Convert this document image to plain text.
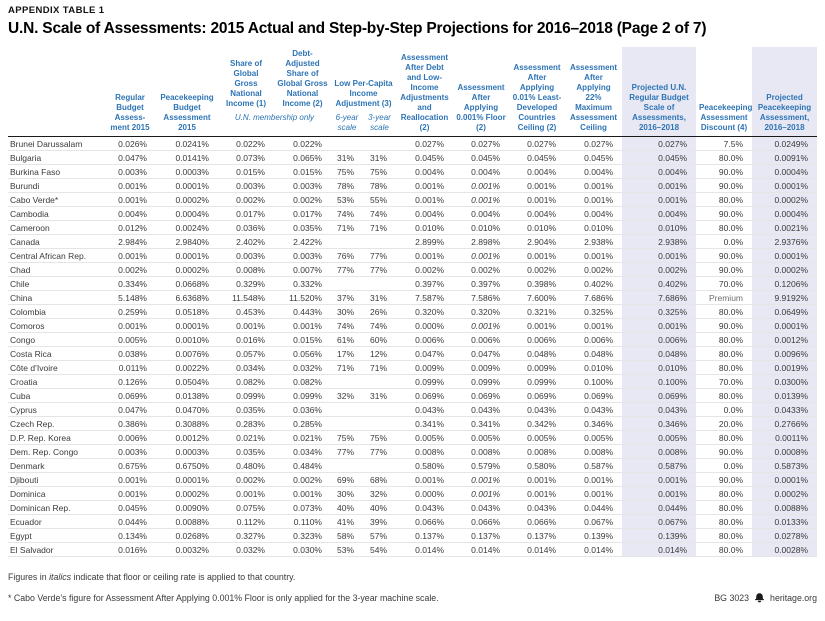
APPENDIX TABLE 1
U.N. Scale of Assessments: 2015 Actual and Step-by-Step Projections for 2016–2018 (Page 2 of 7)
	Regular Budget Assess-ment 2015	Peacekeeping Budget Assessment 2015	Share of Global Gross National Income (1)	Debt-Adjusted Share of Global Gross National Income (2)	Low Per-Capita Income Adjustment (3)		Assessment After Debt and Low-Income Adjustments and Reallocation (2)	Assessment After Applying 0.001% Floor (2)	Assessment After Applying 0.01% Least-Developed Countries Ceiling (2)	Assessment After Applying 22% Maximum Assessment Ceiling	Projected U.N. Regular Budget Scale of Assessments, 2016–2018	Peacekeeping Assessment Discount (4)	Projected Peacekeeping Assessment, 2016–2018
			U.N. membership only		6-year scale	3-year scale							
Brunei Darussalam	0.026%	0.0241%	0.022%	0.022%			0.027%	0.027%	0.027%	0.027%	0.027%	7.5%	0.0249%
Bulgaria	0.047%	0.0141%	0.073%	0.065%	31%	31%	0.045%	0.045%	0.045%	0.045%	0.045%	80.0%	0.0091%
Burkina Faso	0.003%	0.0003%	0.015%	0.015%	75%	75%	0.004%	0.004%	0.004%	0.004%	0.004%	90.0%	0.0004%
Burundi	0.001%	0.0001%	0.003%	0.003%	78%	78%	0.001%	0.001%	0.001%	0.001%	0.001%	90.0%	0.0001%
Cabo Verde*	0.001%	0.0002%	0.002%	0.002%	53%	55%	0.001%	0.001%	0.001%	0.001%	0.001%	80.0%	0.0002%
Cambodia	0.004%	0.0004%	0.017%	0.017%	74%	74%	0.004%	0.004%	0.004%	0.004%	0.004%	90.0%	0.0004%
Cameroon	0.012%	0.0024%	0.036%	0.035%	71%	71%	0.010%	0.010%	0.010%	0.010%	0.010%	80.0%	0.0021%
Canada	2.984%	2.9840%	2.402%	2.422%			2.899%	2.898%	2.904%	2.938%	2.938%	0.0%	2.9376%
Central African Rep.	0.001%	0.0001%	0.003%	0.003%	76%	77%	0.001%	0.001%	0.001%	0.001%	0.001%	90.0%	0.0001%
Chad	0.002%	0.0002%	0.008%	0.007%	77%	77%	0.002%	0.002%	0.002%	0.002%	0.002%	90.0%	0.0002%
Chile	0.334%	0.0668%	0.329%	0.332%			0.397%	0.397%	0.398%	0.402%	0.402%	70.0%	0.1206%
China	5.148%	6.6368%	11.548%	11.520%	37%	31%	7.587%	7.586%	7.600%	7.686%	7.686%	Premium	9.9192%
Colombia	0.259%	0.0518%	0.453%	0.443%	30%	26%	0.320%	0.320%	0.321%	0.325%	0.325%	80.0%	0.0649%
Comoros	0.001%	0.0001%	0.001%	0.001%	74%	74%	0.000%	0.001%	0.001%	0.001%	0.001%	90.0%	0.0001%
Congo	0.005%	0.0010%	0.016%	0.015%	61%	60%	0.006%	0.006%	0.006%	0.006%	0.006%	80.0%	0.0012%
Costa Rica	0.038%	0.0076%	0.057%	0.056%	17%	12%	0.047%	0.047%	0.048%	0.048%	0.048%	80.0%	0.0096%
Côte d’Ivoire	0.011%	0.0022%	0.034%	0.032%	71%	71%	0.009%	0.009%	0.009%	0.010%	0.010%	80.0%	0.0019%
Croatia	0.126%	0.0504%	0.082%	0.082%			0.099%	0.099%	0.099%	0.100%	0.100%	70.0%	0.0300%
Cuba	0.069%	0.0138%	0.099%	0.099%	32%	31%	0.069%	0.069%	0.069%	0.069%	0.069%	80.0%	0.0139%
Cyprus	0.047%	0.0470%	0.035%	0.036%			0.043%	0.043%	0.043%	0.043%	0.043%	0.0%	0.0433%
Czech Rep.	0.386%	0.3088%	0.283%	0.285%			0.341%	0.341%	0.342%	0.346%	0.346%	20.0%	0.2766%
D.P. Rep. Korea	0.006%	0.0012%	0.021%	0.021%	75%	75%	0.005%	0.005%	0.005%	0.005%	0.005%	80.0%	0.0011%
Dem. Rep. Congo	0.003%	0.0003%	0.035%	0.034%	77%	77%	0.008%	0.008%	0.008%	0.008%	0.008%	90.0%	0.0008%
Denmark	0.675%	0.6750%	0.480%	0.484%			0.580%	0.579%	0.580%	0.587%	0.587%	0.0%	0.5873%
Djibouti	0.001%	0.0001%	0.002%	0.002%	69%	68%	0.001%	0.001%	0.001%	0.001%	0.001%	90.0%	0.0001%
Dominica	0.001%	0.0002%	0.001%	0.001%	30%	32%	0.000%	0.001%	0.001%	0.001%	0.001%	80.0%	0.0002%
Dominican Rep.	0.045%	0.0090%	0.075%	0.073%	40%	40%	0.043%	0.043%	0.043%	0.044%	0.044%	80.0%	0.0088%
Ecuador	0.044%	0.0088%	0.112%	0.110%	41%	39%	0.066%	0.066%	0.066%	0.067%	0.067%	80.0%	0.0133%
Egypt	0.134%	0.0268%	0.327%	0.323%	58%	57%	0.137%	0.137%	0.137%	0.139%	0.139%	80.0%	0.0278%
El Salvador	0.016%	0.0032%	0.032%	0.030%	53%	54%	0.014%	0.014%	0.014%	0.014%	0.014%	80.0%	0.0028%
Figures in italics indicate that floor or ceiling rate is applied to that country.
* Cabo Verde’s figure for Assessment After Applying 0.001% Floor is only applied for the 3-year machine scale.	BG 3023 heritage.org
